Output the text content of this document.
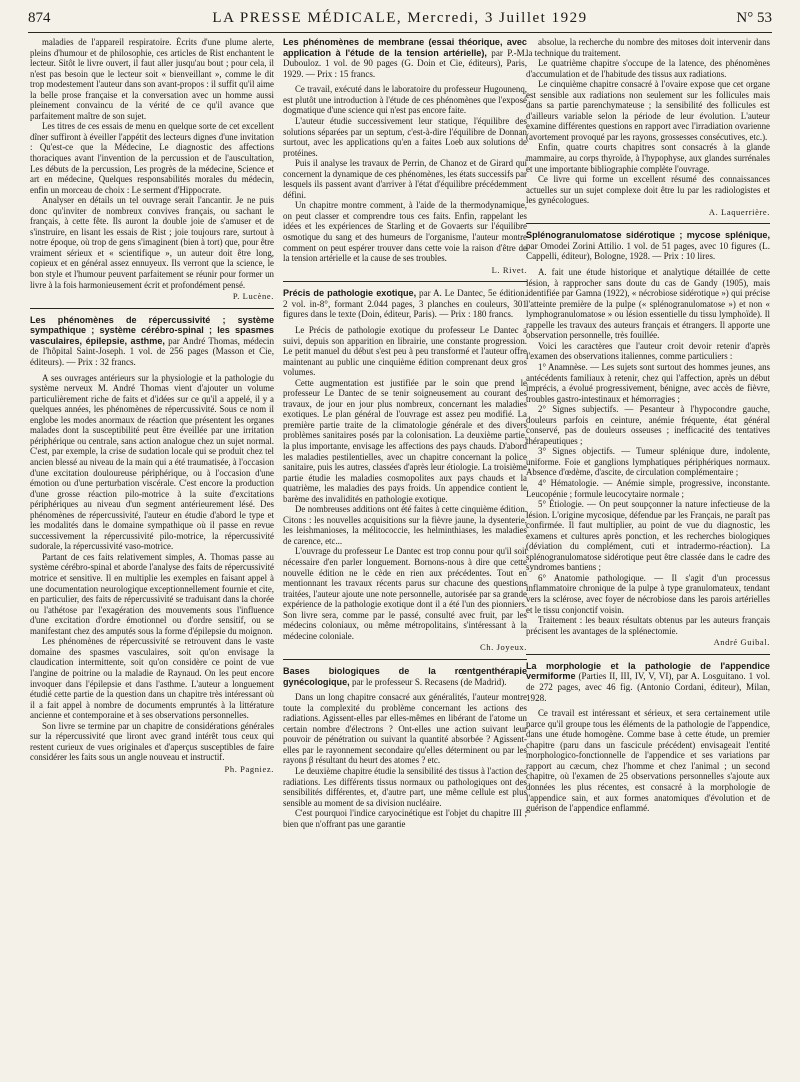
874	LA PRESSE MÉDICALE, Mercredi, 3 Juillet 1929	N° 53

maladies de l'appareil respiratoire. Écrits d'une plume alerte, pleins d'humour et de philosophie, ces articles de Rist enchantent le lecteur. Sitôt le livre ouvert, il faut aller jusqu'au bout ; pour cela, il n'est pas besoin que le lecteur soit « bienveillant », comme le dit trop modestement l'auteur dans son avant-propos : il suffit qu'il aime la belle prose française et la conversation avec un homme aussi pleinement convaincu de la vérité de ce qu'il avance que parfaitement maître de son sujet.

Les titres de ces essais de menu en quelque sorte de cet excellent dîner suffiront à éveiller l'appétit des lecteurs dignes d'une invitation : Qu'est-ce que la Médecine, Le diagnostic des affections thoraciques avant l'invention de la percussion et de l'auscultation, Les débuts de la percussion, Les progrès de la médecine, Science et art en médecine, Quelques responsabilités morales du médecin, enfin un morceau de choix : Le serment d'Hippocrate.

Analyser en détails un tel ouvrage serait l'ancantir. Je ne puis donc qu'inviter de nombreux convives français, ou sachant le français, à cette fête. Ils auront la double joie de s'amuser et de s'instruire, en lisant les essais de Rist ; joie toujours rare, surtout à notre époque, où trop de gens s'imaginent (bien à tort) que, pour être vraiment sérieux et « scientifique », un auteur doit être long, copieux et en général assez ennuyeux. Ils verront que la science, le bon style et l'humour peuvent parfaitement se réunir pour former un livre à la fois harmonieusement écrit et profondément pensé.

P. Lucène.

Les phénomènes de répercussivité ; système sympathique ; système cérébro-spinal ; les spasmes vasculaires, épilepsie, asthme, par André Thomas, médecin de l'hôpital Saint-Joseph. 1 vol. de 256 pages (Masson et Cie, éditeurs). — Prix : 32 francs.

A ses ouvrages antérieurs sur la physiologie et la pathologie du système nerveux M. André Thomas vient d'ajouter un volume particulièrement riche de faits et d'idées sur ce qu'il a appelé, il y a quelques années, les phénomènes de répercussivité. Sous ce nom il englobe les modes anormaux de réaction que présentent les organes malades dont la susceptibilité peut être éveillée par une irritation périphérique ou centrale, sans action analogue chez un sujet normal. C'est, par exemple, la crise de sudation locale qui se produit chez tel ancien blessé au niveau de la main qui a été traumatisée, à l'occasion d'une excitation douloureuse périphérique, ou à l'occasion d'une émotion ou d'une perturbation viscérale. C'est encore la production d'une grosse réaction pilo-motrice à la suite d'excitations périphériques au niveau d'un segment antérieurement lésé. Des phénomènes de répercussivité, l'auteur en étudie d'abord le type et les modalités dans le domaine sympathique où il passe en revue successivement la répercussivité pilo-motrice, la répercussivité sudorale, la répercussivité vaso-motrice.

Partant de ces faits relativement simples, A. Thomas passe au système cérébro-spinal et aborde l'analyse des faits de répercussivité motrice et sensitive. Il en multiplie les exemples en faisant appel à une documentation neurologique exceptionnellement fournie et cite, en particulier, des faits de répercussivité se traduisant dans la chorée ou l'athétose par l'exagération des mouvements sous l'influence d'une excitation d'ordre émotionnel ou d'ordre sensitif, ou se manifestant chez des amputés sous la forme d'épilepsie du moignon.

Les phénomènes de répercussivité se retrouvent dans le vaste domaine des spasmes vasculaires, soit qu'on envisage la claudication intermittente, soit qu'on considère ce point de vue l'angine de poitrine ou la maladie de Raynaud. On les peut encore invoquer dans l'épilepsie et dans l'asthme. L'auteur a longuement étudié cette partie de la question dans un chapitre très intéressant où il a fait appel à nombre de documents empruntés à la littérature ancienne et contemporaine et à ses observations personnelles.

Son livre se termine par un chapitre de considérations générales sur la répercussivité que liront avec grand intérêt tous ceux qui restent curieux de vues originales et d'aperçus susceptibles de faire considérer les faits sous un angle nouveau et instructif.

Ph. Pagniez.

Les phénomènes de membrane (essai théorique, avec application à l'étude de la tension artérielle), par P.-M. Dubouloz. 1 vol. de 90 pages (G. Doin et Cie, éditeurs), Paris, 1929. — Prix : 15 francs.

Ce travail, exécuté dans le laboratoire du professeur Hugounenq, est plutôt une introduction à l'étude de ces phénomènes que l'exposé dogmatique d'une science qui n'est pas encore faite.

L'auteur étudie successivement leur statique, l'équilibre des solutions séparées par un septum, c'est-à-dire l'équilibre de Donnan surtout, avec les applications qu'en a faites Loeb aux solutions de protéines.

Puis il analyse les travaux de Perrin, de Chanoz et de Girard qui concernent la dynamique de ces phénomènes, les états successifs par lesquels ils passent avant d'arriver à l'état d'équilibre précédemment défini.

Un chapitre montre comment, à l'aide de la thermodynamique, on peut classer et comprendre tous ces faits. Enfin, rappelant les idées et les expériences de Starling et de Govaerts sur l'équilibre osmotique du sang et des humeurs de l'organisme, l'auteur montre comment on peut espérer trouver dans cette voie la raison d'être de la tension artérielle et la cause de ses troubles.

L. Rivet.

Précis de pathologie exotique, par A. Le Dantec, 5e édition. 2 vol. in-8°, formant 2.044 pages, 3 planches en couleurs, 301 figures dans le texte (Doin, éditeur, Paris). — Prix : 180 francs.

Le Précis de pathologie exotique du professeur Le Dantec a suivi, depuis son apparition en librairie, une constante progression. Le petit manuel du début s'est peu à peu transformé et l'auteur offre maintenant au public une cinquième édition comprenant deux gros volumes.

Cette augmentation est justifiée par le soin que prend le professeur Le Dantec de se tenir soigneusement au courant des travaux, de jour en jour plus nombreux, concernant les maladies exotiques. Le plan général de l'ouvrage est assez peu modifié. La première partie traite de la climatologie générale et des divers problèmes sanitaires posés par la colonisation. La deuxième partie, la plus importante, envisage les affections des pays chauds. D'abord les maladies pestilentielles, avec un chapitre concernant la police sanitaire, puis les autres, classées d'après leur étiologie. La troisième partie étudie les maladies cosmopolites aux pays chauds et la quatrième, les maladies des pays froids. Un appendice contient le barème des invalidités en pathologie exotique.

De nombreuses additions ont été faites à cette cinquième édition. Citons : les nouvelles acquisitions sur la fièvre jaune, la dysenterie, les leishmanioses, la mélitococcie, les helminthiases, les maladies de carence, etc...

L'ouvrage du professeur Le Dantec est trop connu pour qu'il soit nécessaire d'en parler longuement. Bornons-nous à dire que cette nouvelle édition ne le cède en rien aux précédentes. Tout en mentionnant les travaux récents parus sur chacune des questions traitées, l'auteur ajoute une note personnelle, autorisée par sa grande expérience de la pathologie exotique dont il a été l'un des pionniers. Son livre sera, comme par le passé, consulté avec fruit, par les médecins coloniaux, ou même métropolitains, s'intéressant à la médecine coloniale.

Ch. Joyeux.

Bases biologiques de la rœntgenthérapie gynécologique, par le professeur S. Recasens (de Madrid).

Dans un long chapitre consacré aux généralités, l'auteur montre toute la complexité du problème concernant les actions des radiations. Agissent-elles par elles-mêmes en libérant de l'atome un certain nombre d'électrons ? Ont-elles une action suivant leur pouvoir de pénétration ou suivant la quantité absorbée ? Agissent-elles par le rayonnement secondaire qu'elles déterminent ou par les rayons β résultant du heurt des atomes ? etc.

Le deuxième chapitre étudie la sensibilité des tissus à l'action des radiations. Les différents tissus normaux ou pathologiques ont des sensibilités différentes, et, d'autre part, une même cellule est plus sensible au moment de sa division nucléaire.

C'est pourquoi l'indice caryocinétique est l'objet du chapitre III ; bien que n'offrant pas une garantie

absolue, la recherche du nombre des mitoses doit intervenir dans la technique du traitement.

Le quatrième chapitre s'occupe de la latence, des phénomènes d'accumulation et de l'habitude des tissus aux radiations.

Le cinquième chapitre consacré à l'ovaire expose que cet organe est sensible aux radiations non seulement sur les follicules mais dans sa partie parenchymateuse ; la sensibilité des follicules est d'ailleurs variable selon la période de leur évolution. L'auteur examine différentes questions en rapport avec l'irradiation ovarienne (avortement provoqué par les rayons, grossesses consécutives, etc.).

Enfin, quatre courts chapitres sont consacrés à la glande mammaire, au corps thyroïde, à l'hypophyse, aux glandes surrénales et une importante bibliographie complète l'ouvrage.

Ce livre qui forme un excellent résumé des connaissances actuelles sur un sujet complexe doit être lu par les radiologistes et les gynécologues.

A. Laquerrière.

Splénogranulomatose sidérotique ; mycose splénique, par Omodei Zorini Attilio. 1 vol. de 51 pages, avec 10 figures (L. Cappelli, éditeur), Bologne, 1928. — Prix : 10 lires.

A. fait une étude historique et analytique détaillée de cette lésion, à rapprocher sans doute du cas de Gandy (1905), mais identifiée par Gamna (1922), « nécrobiose sidérotique ») qui précise l'atteinte première de la pulpe (« splénogranulomatose ») et non « lymphogranulomatose » ou lésion essentielle du tissu lymphoïde). Il rappelle les travaux des auteurs français et étrangers. Il apporte une observation personnelle, très fouillée.

Voici les caractères que l'auteur croit devoir retenir d'après l'examen des observations italiennes, comme particuliers :

1° Anamnèse. — Les sujets sont surtout des hommes jeunes, ans antécédents familiaux à retenir, chez qui l'affection, après un début imprécis, a évolué progressivement, bénigne, avec accès de fièvre, troubles gastro-intestinaux et hémorragies ;

2° Signes subjectifs. — Pesanteur à l'hypocondre gauche, douleurs parfois en ceinture, anémie fréquente, état général conservé, pas de douleurs osseuses ; inefficacité des tentatives thérapeutiques ;

3° Signes objectifs. — Tumeur splénique dure, indolente, uniforme. Foie et ganglions lymphatiques périphériques normaux. Absence d'œdème, d'ascite, de circulation complémentaire ;

4° Hématologie. — Anémie simple, progressive, inconstante. Leucopénie ; formule leucocytaire normale ;

5° Étiologie. — On peut soupçonner la nature infectieuse de la lésion. L'origine mycosique, défendue par les Français, ne paraît pas confirmée. Il faut multiplier, au point de vue du diagnostic, les examens et cultures après ponction, et les recherches biologiques (déviation du complément, cuti et intradermo-réaction). La splénogranulomatose sidérotique peut être classée dans le cadre des syndromes bantiens ;

6° Anatomie pathologique. — Il s'agit d'un processus inflammatoire chronique de la pulpe à type granulomateux, tendant vers la sclérose, avec foyer de nécrobiose dans les parois artérielles et le tissu conjonctif voisin.

Traitement : les beaux résultats obtenus par les auteurs français précisent les avantages de la splénectomie.

André Guibal.

La morphologie et la pathologie de l'appendice vermiforme (Parties II, III, IV, V, VI), par A. Losguitano. 1 vol. de 272 pages, avec 46 fig. (Antonio Cordani, éditeur), Milan, 1928.

Ce travail est intéressant et sérieux, et sera certainement utile parce qu'il groupe tous les éléments de la pathologie de l'appendice, dans une étude homogène. Comme base à cette étude, un premier chapitre (paru dans un fascicule précédent) envisageait l'entité morphologico-fonctionnelle de l'appendice et ses variations par rapport au cæcum, chez l'homme et chez l'animal ; un second chapitre, où l'examen de 25 observations personnelles s'ajoute aux données les plus récentes, est consacré à la morphologie de l'appendice sain, et aux formes anatomiques d'évolution et de guérison de l'appendice enflammé.
